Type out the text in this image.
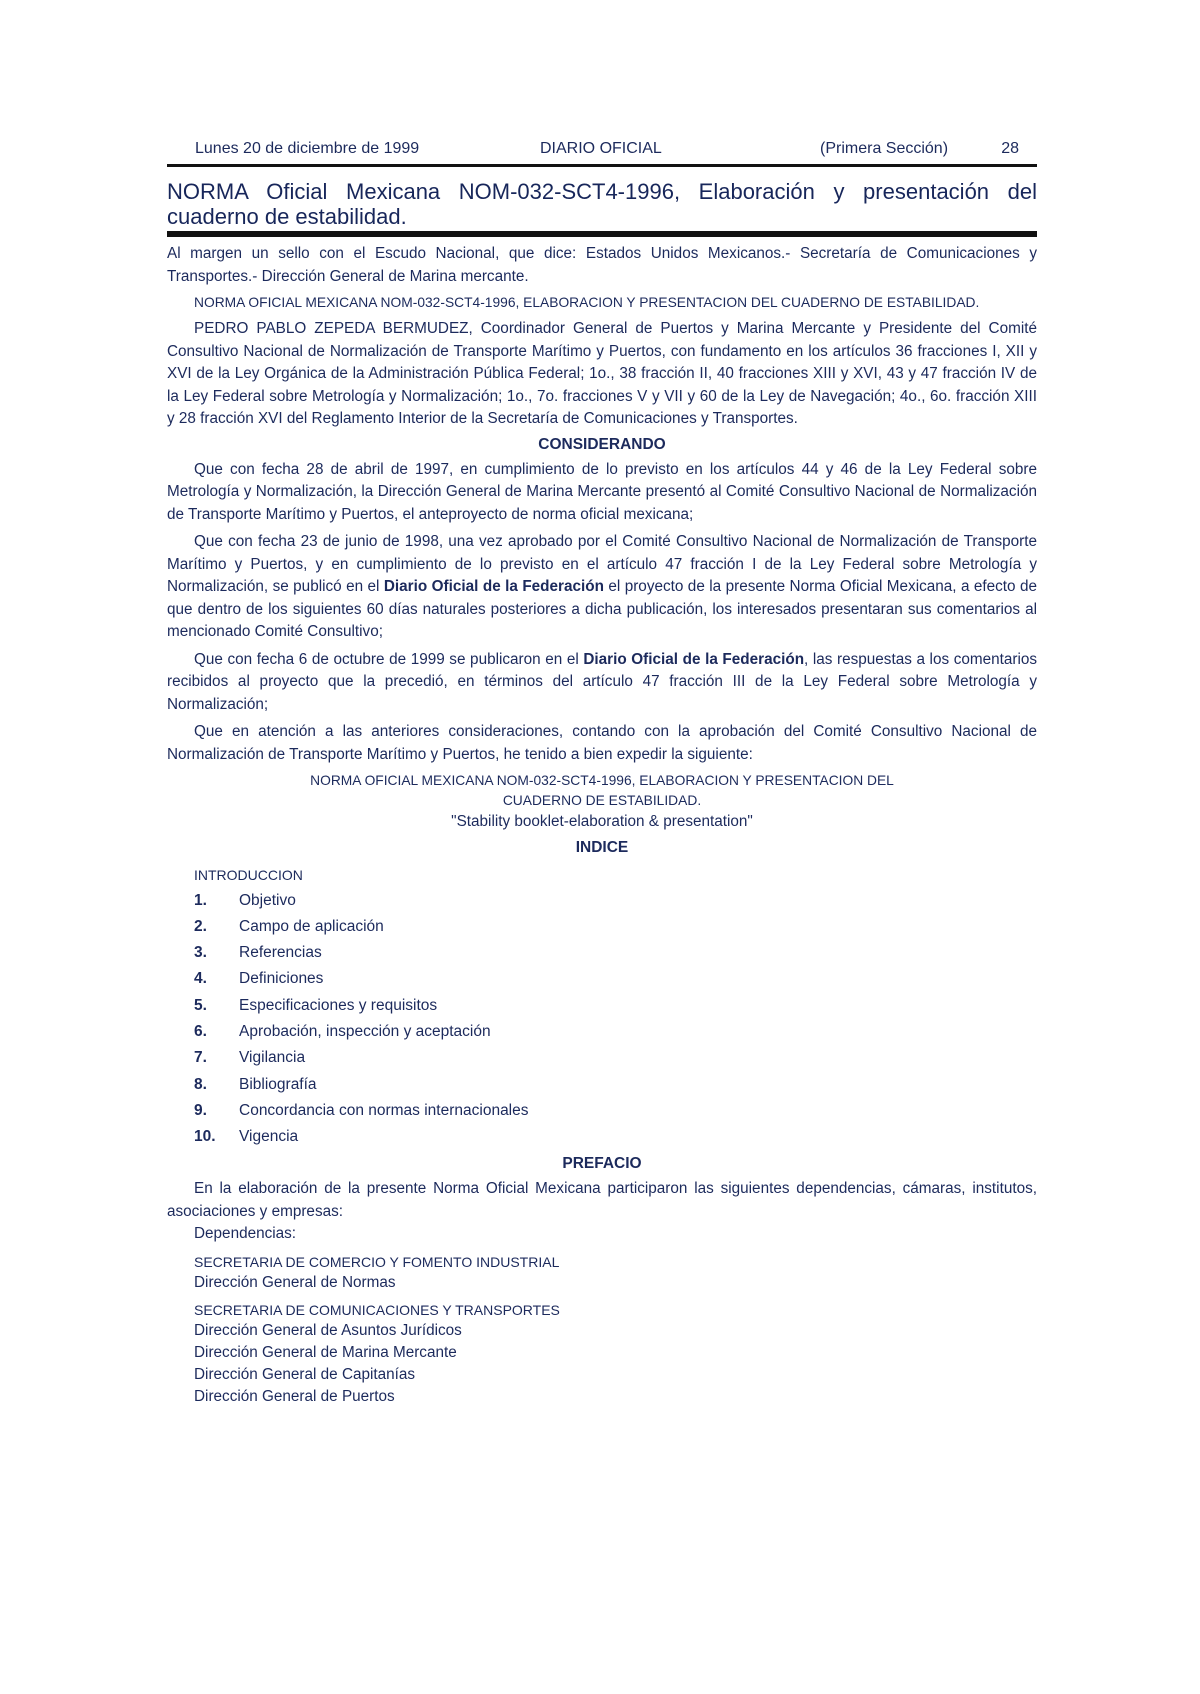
Lunes 20 de diciembre de 1999	DIARIO OFICIAL	(Primera Sección)	28
NORMA Oficial Mexicana NOM-032-SCT4-1996, Elaboración y presentación del cuaderno de estabilidad.

Al margen un sello con el Escudo Nacional, que dice: Estados Unidos Mexicanos.- Secretaría de Comunicaciones y Transportes.- Dirección General de Marina mercante.

NORMA OFICIAL MEXICANA NOM-032-SCT4-1996, ELABORACION Y PRESENTACION DEL CUADERNO DE ESTABILIDAD.

PEDRO PABLO ZEPEDA BERMUDEZ, Coordinador General de Puertos y Marina Mercante y Presidente del Comité Consultivo Nacional de Normalización de Transporte Marítimo y Puertos, con fundamento en los artículos 36 fracciones I, XII y XVI de la Ley Orgánica de la Administración Pública Federal; 1o., 38 fracción II, 40 fracciones XIII y XVI, 43 y 47 fracción IV de la Ley Federal sobre Metrología y Normalización; 1o., 7o. fracciones V y VII y 60 de la Ley de Navegación; 4o., 6o. fracción XIII y 28 fracción XVI del Reglamento Interior de la Secretaría de Comunicaciones y Transportes.

CONSIDERANDO

Que con fecha 28 de abril de 1997, en cumplimiento de lo previsto en los artículos 44 y 46 de la Ley Federal sobre Metrología y Normalización, la Dirección General de Marina Mercante presentó al Comité Consultivo Nacional de Normalización de Transporte Marítimo y Puertos, el anteproyecto de norma oficial mexicana;

Que con fecha 23 de junio de 1998, una vez aprobado por el Comité Consultivo Nacional de Normalización de Transporte Marítimo y Puertos, y en cumplimiento de lo previsto en el artículo 47 fracción I de la Ley Federal sobre Metrología y Normalización, se publicó en el Diario Oficial de la Federación el proyecto de la presente Norma Oficial Mexicana, a efecto de que dentro de los siguientes 60 días naturales posteriores a dicha publicación, los interesados presentaran sus comentarios al mencionado Comité Consultivo;

Que con fecha 6 de octubre de 1999 se publicaron en el Diario Oficial de la Federación, las respuestas a los comentarios recibidos al proyecto que la precedió, en términos del artículo 47 fracción III de la Ley Federal sobre Metrología y Normalización;

Que en atención a las anteriores consideraciones, contando con la aprobación del Comité Consultivo Nacional de Normalización de Transporte Marítimo y Puertos, he tenido a bien expedir la siguiente:

NORMA OFICIAL MEXICANA NOM-032-SCT4-1996, ELABORACION Y PRESENTACION DEL

CUADERNO DE ESTABILIDAD.

"Stability booklet-elaboration & presentation"

INDICE
INTRODUCCION
1.	Objetivo
2.	Campo de aplicación
3.	Referencias
4.	Definiciones
5.	Especificaciones y requisitos
6.	Aprobación, inspección y aceptación
7.	Vigilancia
8.	Bibliografía
9.	Concordancia con normas internacionales
10.	Vigencia
PREFACIO

En la elaboración de la presente Norma Oficial Mexicana participaron las siguientes dependencias, cámaras, institutos, asociaciones y empresas:

Dependencias:

SECRETARIA DE COMERCIO Y FOMENTO INDUSTRIAL
Dirección General de Normas
SECRETARIA DE COMUNICACIONES Y TRANSPORTES
Dirección General de Asuntos Jurídicos
Dirección General de Marina Mercante
Dirección General de Capitanías
Dirección General de Puertos
